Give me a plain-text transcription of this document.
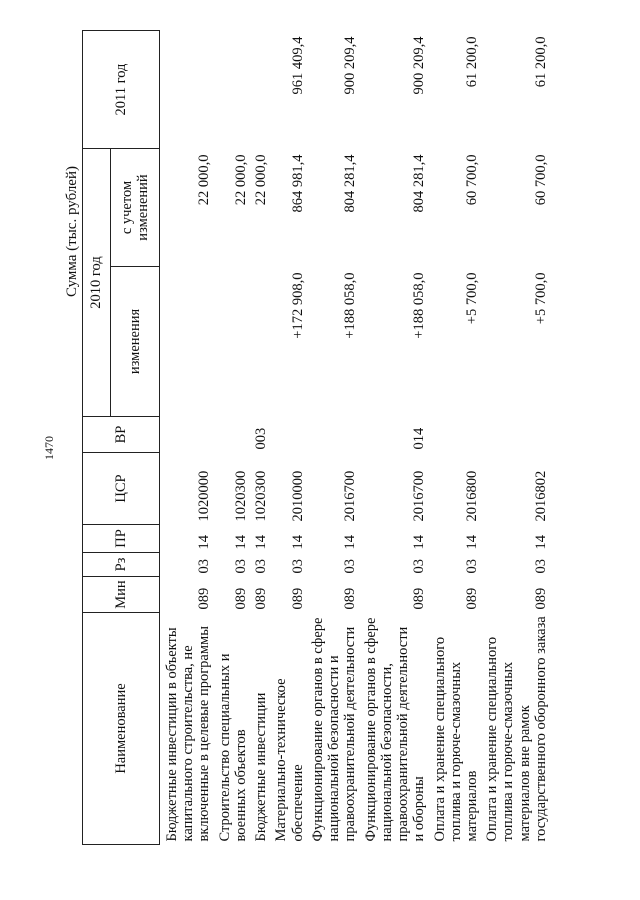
1470
Сумма (тыс. рублей)
Наименование	Мин	Рз	ПР	ЦСР	ВР	2010 год		2011 год
						изменения	с учетом изменений	
Бюджетные инвестиции в объекты капитального строительства, не включенные в целевые программы	089	03	14	1020000			22 000,0	
Строительство специальных и военных объектов	089	03	14	1020300			22 000,0	
Бюджетные инвестиции	089	03	14	1020300	003		22 000,0	
Материально-техническое обеспечение	089	03	14	2010000		+172 908,0	864 981,4	961 409,4
Функционирование органов в сфере национальной безопасности и правоохранительной деятельности	089	03	14	2016700		+188 058,0	804 281,4	900 209,4
Функционирование органов в сфере национальной безопасности, правоохранительной деятельности и обороны	089	03	14	2016700	014	+188 058,0	804 281,4	900 209,4
Оплата и хранение специального топлива и горюче-смазочных материалов	089	03	14	2016800		+5 700,0	60 700,0	61 200,0
Оплата и хранение специального топлива и горюче-смазочных материалов вне рамок государственного оборонного заказа	089	03	14	2016802		+5 700,0	60 700,0	61 200,0
